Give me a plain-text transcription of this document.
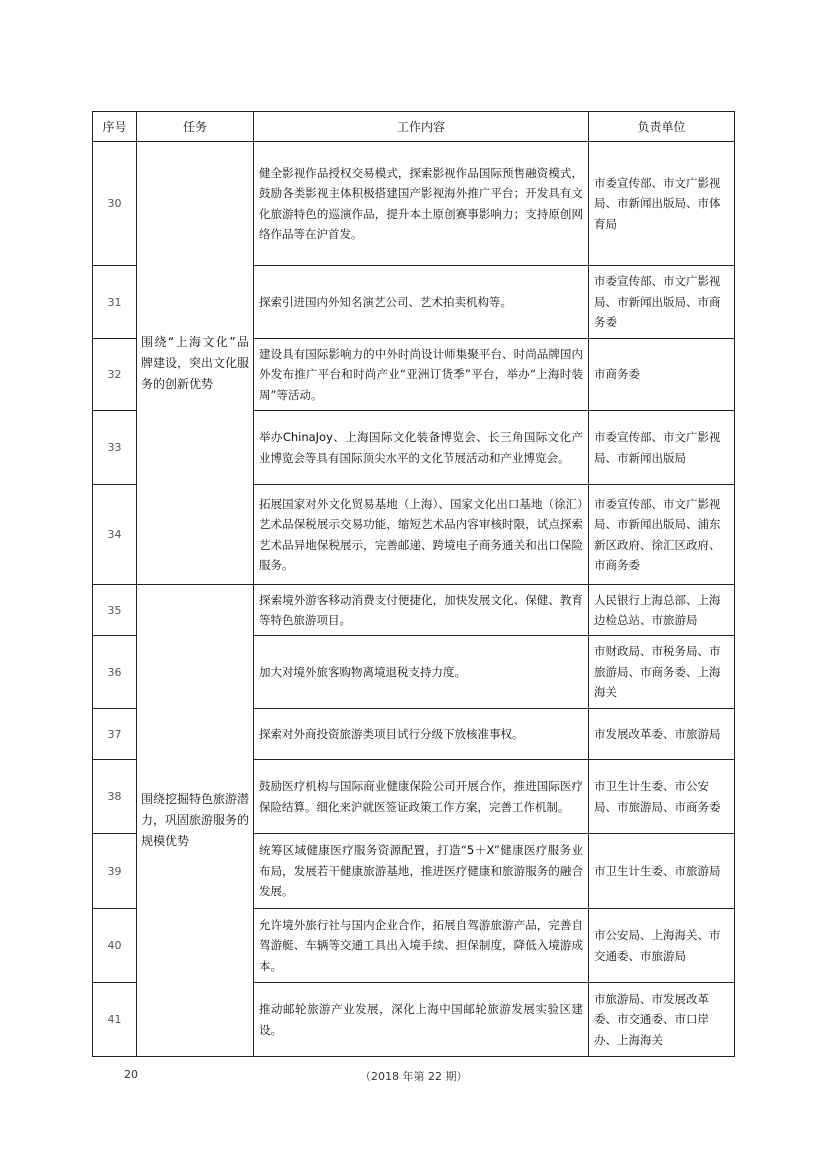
序号	任务	工作内容	负责单位
30	围绕“上海文化”品牌建设，突出文化服务的创新优势	健全影视作品授权交易模式，探索影视作品国际预售融资模式，鼓励各类影视主体积极搭建国产影视海外推广平台；开发具有文化旅游特色的巡演作品，提升本土原创赛事影响力；支持原创网络作品等在沪首发。	市委宣传部、市文广影视局、市新闻出版局、市体育局
31		探索引进国内外知名演艺公司、艺术拍卖机构等。	市委宣传部、市文广影视局、市新闻出版局、市商务委
32		建设具有国际影响力的中外时尚设计师集聚平台、时尚品牌国内外发布推广平台和时尚产业“亚洲订货季”平台，举办“上海时装周”等活动。	市商务委
33		举办ChinaJoy、上海国际文化装备博览会、长三角国际文化产业博览会等具有国际顶尖水平的文化节展活动和产业博览会。	市委宣传部、市文广影视局、市新闻出版局
34		拓展国家对外文化贸易基地（上海）、国家文化出口基地（徐汇）艺术品保税展示交易功能，缩短艺术品内容审核时限，试点探索艺术品异地保税展示，完善邮递、跨境电子商务通关和出口保险服务。	市委宣传部、市文广影视局、市新闻出版局、浦东新区政府、徐汇区政府、市商务委
35	围绕挖掘特色旅游潜力，巩固旅游服务的规模优势	探索境外游客移动消费支付便捷化，加快发展文化、保健、教育等特色旅游项目。	人民银行上海总部、上海边检总站、市旅游局
36		加大对境外旅客购物离境退税支持力度。	市财政局、市税务局、市旅游局、市商务委、上海海关
37		探索对外商投资旅游类项目试行分级下放核准事权。	市发展改革委、市旅游局
38		鼓励医疗机构与国际商业健康保险公司开展合作，推进国际医疗保险结算。细化来沪就医签证政策工作方案，完善工作机制。	市卫生计生委、市公安局、市旅游局、市商务委
39		统筹区域健康医疗服务资源配置，打造“5＋X”健康医疗服务业布局，发展若干健康旅游基地，推进医疗健康和旅游服务的融合发展。	市卫生计生委、市旅游局
40		允许境外旅行社与国内企业合作，拓展自驾游旅游产品，完善自驾游艇、车辆等交通工具出入境手续、担保制度，降低入境游成本。	市公安局、上海海关、市交通委、市旅游局
41		推动邮轮旅游产业发展，深化上海中国邮轮旅游发展实验区建设。	市旅游局、市发展改革委、市交通委、市口岸办、上海海关
20	（2018 年第 22 期）
